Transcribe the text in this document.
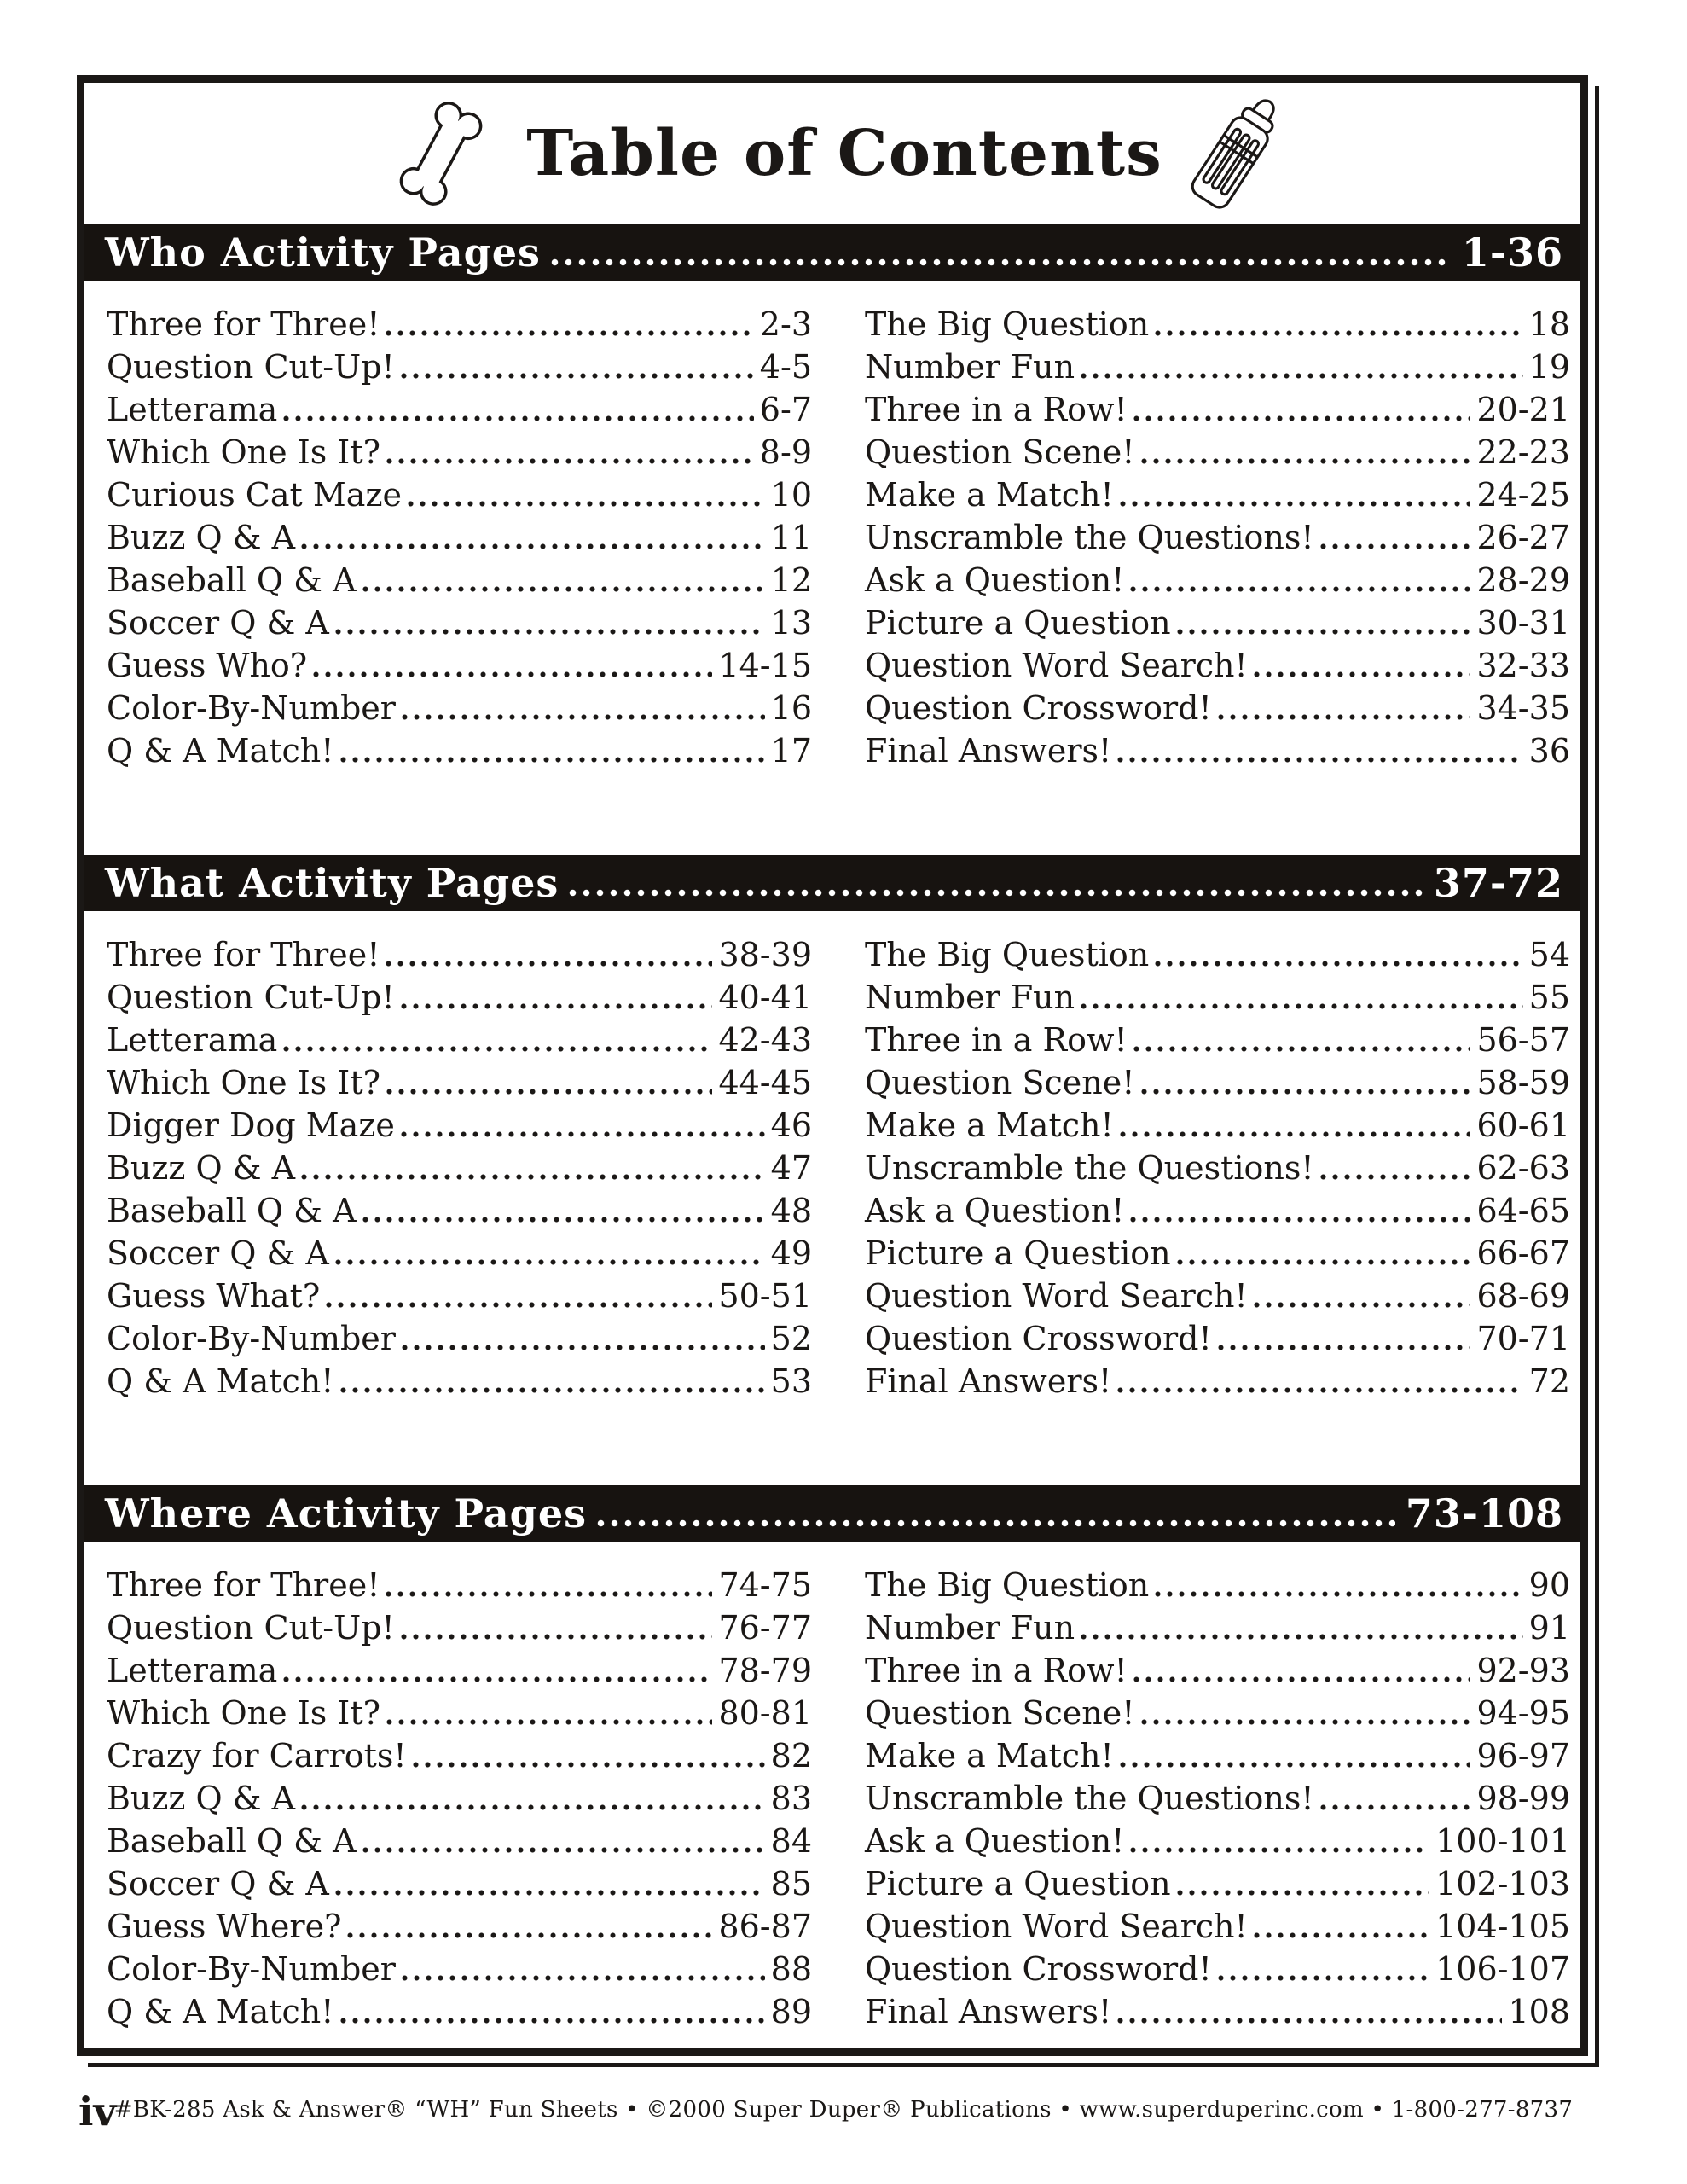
Table of Contents
Who Activity Pages	1-36
Three for Three!	2-3
Question Cut-Up!	4-5
Letterama	6-7
Which One Is It?	8-9
Curious Cat Maze	10
Buzz Q & A	11
Baseball Q & A	12
Soccer Q & A	13
Guess Who?	14-15
Color-By-Number	16
Q & A Match!	17
The Big Question	18
Number Fun	19
Three in a Row!	20-21
Question Scene!	22-23
Make a Match!	24-25
Unscramble the Questions!	26-27
Ask a Question!	28-29
Picture a Question	30-31
Question Word Search!	32-33
Question Crossword!	34-35
Final Answers!	36
What Activity Pages	37-72
Three for Three!	38-39
Question Cut-Up!	40-41
Letterama	42-43
Which One Is It?	44-45
Digger Dog Maze	46
Buzz Q & A	47
Baseball Q & A	48
Soccer Q & A	49
Guess What?	50-51
Color-By-Number	52
Q & A Match!	53
The Big Question	54
Number Fun	55
Three in a Row!	56-57
Question Scene!	58-59
Make a Match!	60-61
Unscramble the Questions!	62-63
Ask a Question!	64-65
Picture a Question	66-67
Question Word Search!	68-69
Question Crossword!	70-71
Final Answers!	72
Where Activity Pages	73-108
Three for Three!	74-75
Question Cut-Up!	76-77
Letterama	78-79
Which One Is It?	80-81
Crazy for Carrots!	82
Buzz Q & A	83
Baseball Q & A	84
Soccer Q & A	85
Guess Where?	86-87
Color-By-Number	88
Q & A Match!	89
The Big Question	90
Number Fun	91
Three in a Row!	92-93
Question Scene!	94-95
Make a Match!	96-97
Unscramble the Questions!	98-99
Ask a Question!	100-101
Picture a Question	102-103
Question Word Search!	104-105
Question Crossword!	106-107
Final Answers!	108
iv
#BK-285 Ask & Answer® “WH” Fun Sheets • ©2000 Super Duper® Publications • www.superduperinc.com • 1-800-277-8737
